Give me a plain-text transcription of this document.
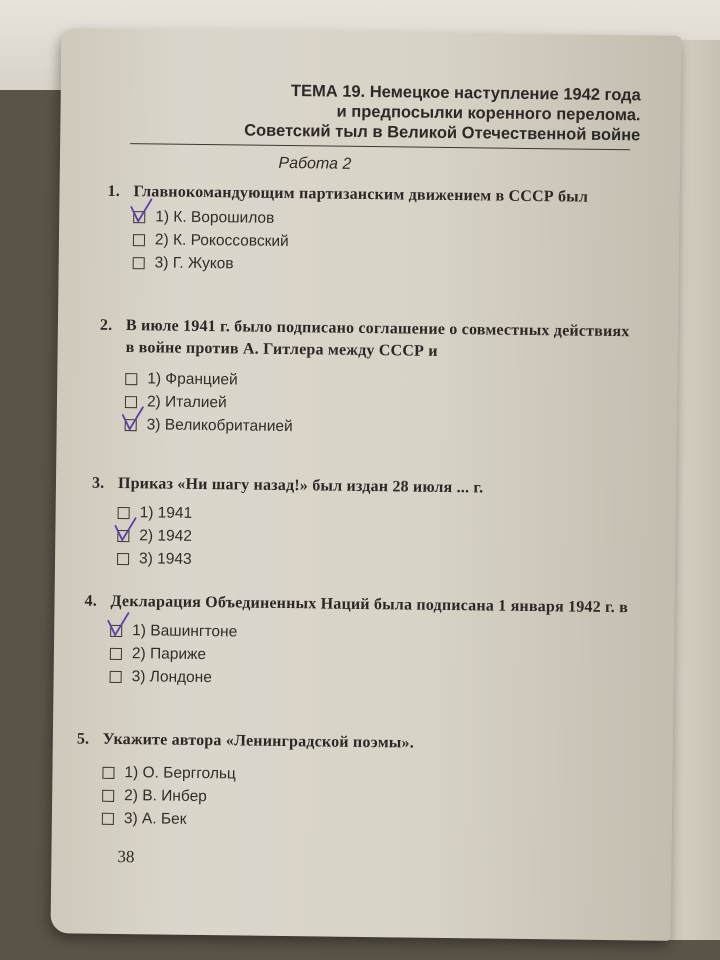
ТЕМА 19. Немецкое наступление 1942 года
и предпосылки коренного перелома.
Советский тыл в Великой Отечественной войне
Работа 2
1. Главнокомандующим партизанским движением в СССР был
1) К. Ворошилов
2) К. Рокоссовский
3) Г. Жуков
2. В июле 1941 г. было подписано соглашение о совместных действиях в войне против А. Гитлера между СССР и
1) Францией
2) Италией
3) Великобританией
3. Приказ «Ни шагу назад!» был издан 28 июля ... г.
1) 1941
2) 1942
3) 1943
4. Декларация Объединенных Наций была подписана 1 января 1942 г. в
1) Вашингтоне
2) Париже
3) Лондоне
5. Укажите автора «Ленинградской поэмы».
1) О. Берггольц
2) В. Инбер
3) А. Бек
38
